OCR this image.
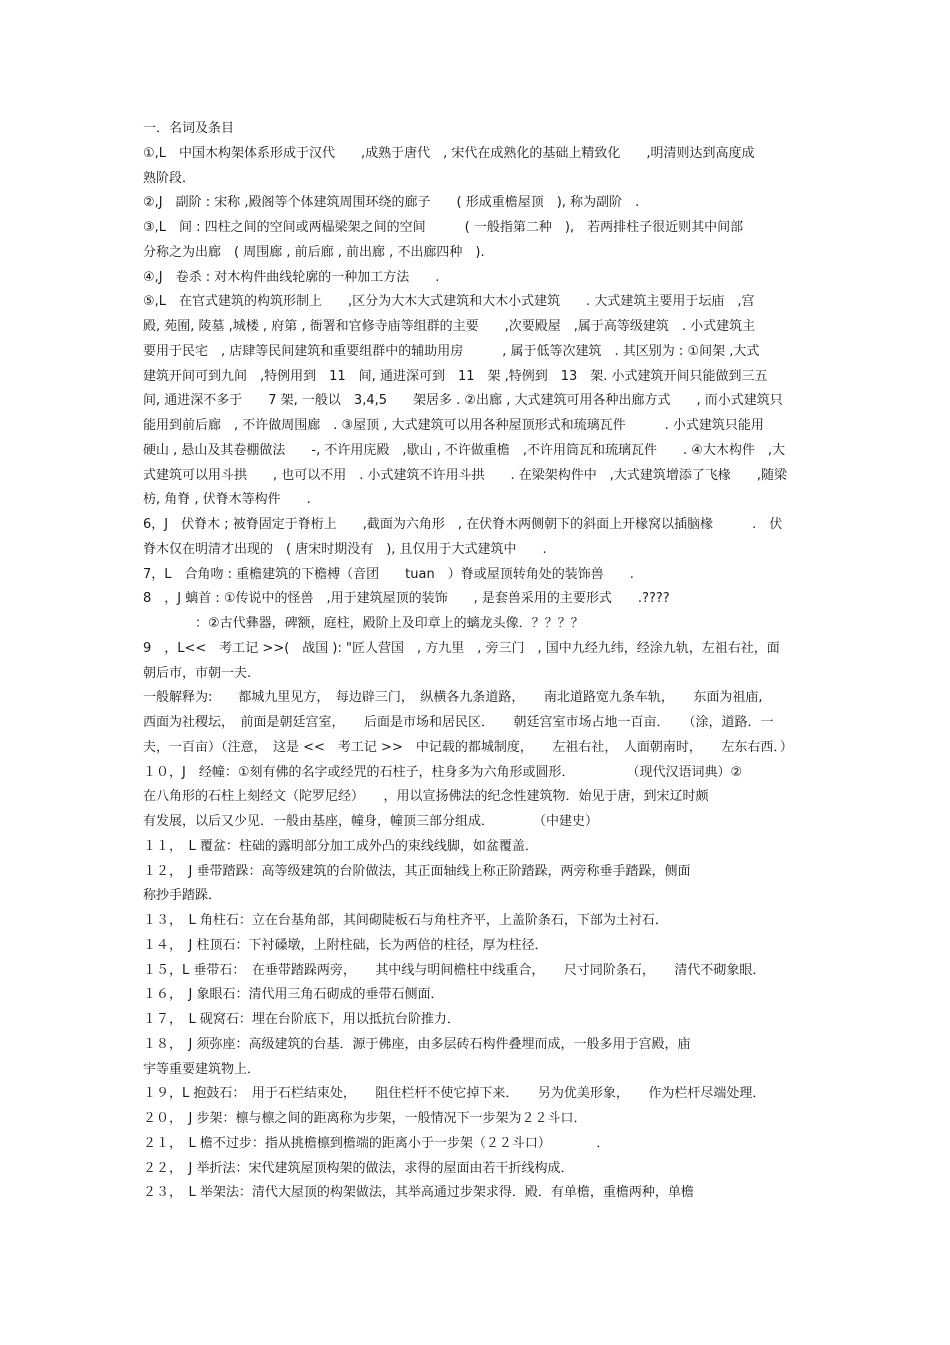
一．名词及条目
①,L　中国木构架体系形成于汉代　　,成熟于唐代　, 宋代在成熟化的基础上精致化　　,明清则达到高度成
熟阶段．
②,J　副阶 : 宋称 ,殿阁等个体建筑周围环绕的廊子　　( 形成重檐屋顶　), 称为副阶　.
③,L　间 : 四柱之间的空间或两榀梁架之间的空间　　　( 一般指第二种　),　若两排柱子很近则其中间部
分称之为出廊　( 周围廊 , 前后廊 , 前出廊 , 不出廊四种　).
④,J　卷杀 : 对木构件曲线轮廓的一种加工方法　　.
⑤,L　在官式建筑的构筑形制上　　,区分为大木大式建筑和大木小式建筑　　. 大式建筑主要用于坛庙　,宫
殿, 苑囿, 陵墓 ,城楼 , 府第 , 衙署和官修寺庙等组群的主要　　,次要殿屋　,属于高等级建筑　. 小式建筑主
要用于民宅　, 店肆等民间建筑和重要组群中的辅助用房　　　, 属于低等次建筑　. 其区别为 : ①间架 ,大式
建筑开间可到九间　,特例用到　11　间, 通进深可到　11　架 ,特例到　13　架. 小式建筑开间只能做到三五
间, 通进深不多于　　7 架, 一般以　3,4,5　　架居多 . ②出廊 , 大式建筑可用各种出廊方式　　, 而小式建筑只
能用到前后廊　, 不许做周围廊　. ③屋顶 , 大式建筑可以用各种屋顶形式和琉璃瓦件　　　. 小式建筑只能用
硬山 , 悬山及其卷棚做法　　-, 不许用庑殿　,歇山 , 不许做重檐　,不许用筒瓦和琉璃瓦件　　. ④大木构件　,大
式建筑可以用斗拱　　, 也可以不用　. 小式建筑不许用斗拱　　. 在梁架构件中　,大式建筑增添了飞椽　　,随梁
枋, 角脊 , 伏脊木等构件　　.
6，J　伏脊木 ; 被脊固定于脊桁上　　,截面为六角形　, 在伏脊木两侧朝下的斜面上开椽窝以插脑椽　　　.　伏
脊木仅在明清才出现的　( 唐宋时期没有　), 且仅用于大式建筑中　　.
7，L　合角吻 : 重檐建筑的下檐榑（音团　　tuan　）脊或屋顶转角处的装饰兽　　.
8　，J 螭首 : ①传说中的怪兽　,用于建筑屋顶的装饰　　, 是套兽采用的主要形式　　.????
　　　　：②古代彝器，碑额，庭柱，殿阶上及印章上的螭龙头像．？？？？
9　，L<<　考工记 >>(　战国 ): "匠人营国　, 方九里　, 旁三门　, 国中九经九纬，经涂九轨，左祖右社，面
朝后市，市朝一夫.
一般解释为:　　都城九里见方，　每边辟三门，　纵横各九条道路，　　南北道路宽九条车轨，　　东面为祖庙,
西面为社稷坛，　前面是朝廷宫室，　　后面是市场和居民区．　　朝廷宫室市场占地一百亩．　　（涂，道路．一
夫，一百亩）（注意，　这是 <<　考工记 >>　中记载的都城制度，　　左祖右社，　人面朝南时，　　左东右西．）
１０，J　经幢：①刻有佛的名字或经咒的石柱子，柱身多为六角形或圆形．　　　　　（现代汉语词典）②
在八角形的石柱上刻经文（陀罗尼经）　　，用以宣扬佛法的纪念性建筑物．始见于唐，到宋辽时颇
有发展，以后又少见．一般由基座，幢身，幢顶三部分组成．　　　　（中建史）
１１，　L 覆盆：柱础的露明部分加工成外凸的束线线脚，如盆覆盖．
１２，　J 垂带踏跺：高等级建筑的台阶做法，其正面轴线上称正阶踏跺，两旁称垂手踏跺，侧面
称抄手踏跺．
１３，　L 角柱石：立在台基角部，其间砌陡板石与角柱齐平，上盖阶条石，下部为土衬石．
１４，　J 柱顶石：下衬磉墩，上附柱础，长为两倍的柱径，厚为柱径．
１５，L 垂带石：　在垂带踏跺两旁，　　其中线与明间檐柱中线重合，　　尺寸同阶条石，　　清代不砌象眼．
１６，　J 象眼石：清代用三角石砌成的垂带石侧面．
１７，　L 砚窝石：埋在台阶底下，用以抵抗台阶推力．
１８，　J 须弥座：高级建筑的台基．源于佛座，由多层砖石构件叠埋而成，一般多用于宫殿，庙
宇等重要建筑物上．
１９，L 抱鼓石：　用于石栏结束处，　　阻住栏杆不使它掉下来．　　另为优美形象，　　作为栏杆尽端处理．
２０，　J 步架：檩与檩之间的距离称为步架，一般情况下一步架为２２斗口．
２１，　L 檐不过步：指从挑檐檩到檐端的距离小于一步架（２２斗口）　　　　．
２２，　J 举折法：宋代建筑屋顶构架的做法，求得的屋面由若干折线构成．
２３，　L 举架法：清代大屋顶的构架做法，其举高通过步架求得．殿．有单檐，重檐两种，单檐
